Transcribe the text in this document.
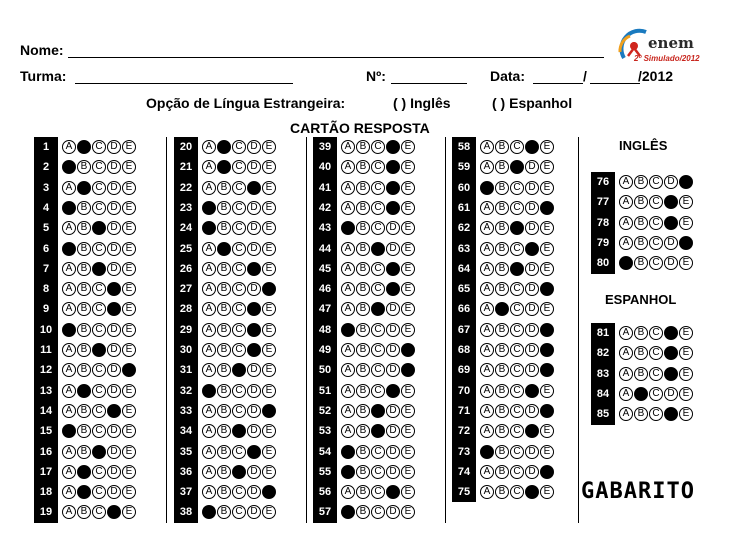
Nome:	enem
2º Simulado/2012
Turma:	Nº:	Data:	/	/2012
Opção de Língua Estrangeira:	( ) Inglês	( ) Espanhol
CARTÃO RESPOSTA
INGLÊS
ESPANHOL
GABARITO
1	A B C D E
2	A B C D E
3	A B C D E
4	A B C D E
5	A B C D E
6	A B C D E
7	A B C D E
8	A B C D E
9	A B C D E
10	A B C D E
11	A B C D E
12	A B C D E
13	A B C D E
14	A B C D E
15	A B C D E
16	A B C D E
17	A B C D E
18	A B C D E
19	A B C D E
20	A B C D E
21	A B C D E
22	A B C D E
23	A B C D E
24	A B C D E
25	A B C D E
26	A B C D E
27	A B C D E
28	A B C D E
29	A B C D E
30	A B C D E
31	A B C D E
32	A B C D E
33	A B C D E
34	A B C D E
35	A B C D E
36	A B C D E
37	A B C D E
38	A B C D E
39	A B C D E
40	A B C D E
41	A B C D E
42	A B C D E
43	A B C D E
44	A B C D E
45	A B C D E
46	A B C D E
47	A B C D E
48	A B C D E
49	A B C D E
50	A B C D E
51	A B C D E
52	A B C D E
53	A B C D E
54	A B C D E
55	A B C D E
56	A B C D E
57	A B C D E
58	A B C D E
59	A B C D E
60	A B C D E
61	A B C D E
62	A B C D E
63	A B C D E
64	A B C D E
65	A B C D E
66	A B C D E
67	A B C D E
68	A B C D E
69	A B C D E
70	A B C D E
71	A B C D E
72	A B C D E
73	A B C D E
74	A B C D E
75	A B C D E
76	A B C D E
77	A B C D E
78	A B C D E
79	A B C D E
80	A B C D E
81	A B C D E
82	A B C D E
83	A B C D E
84	A B C D E
85	A B C D E
